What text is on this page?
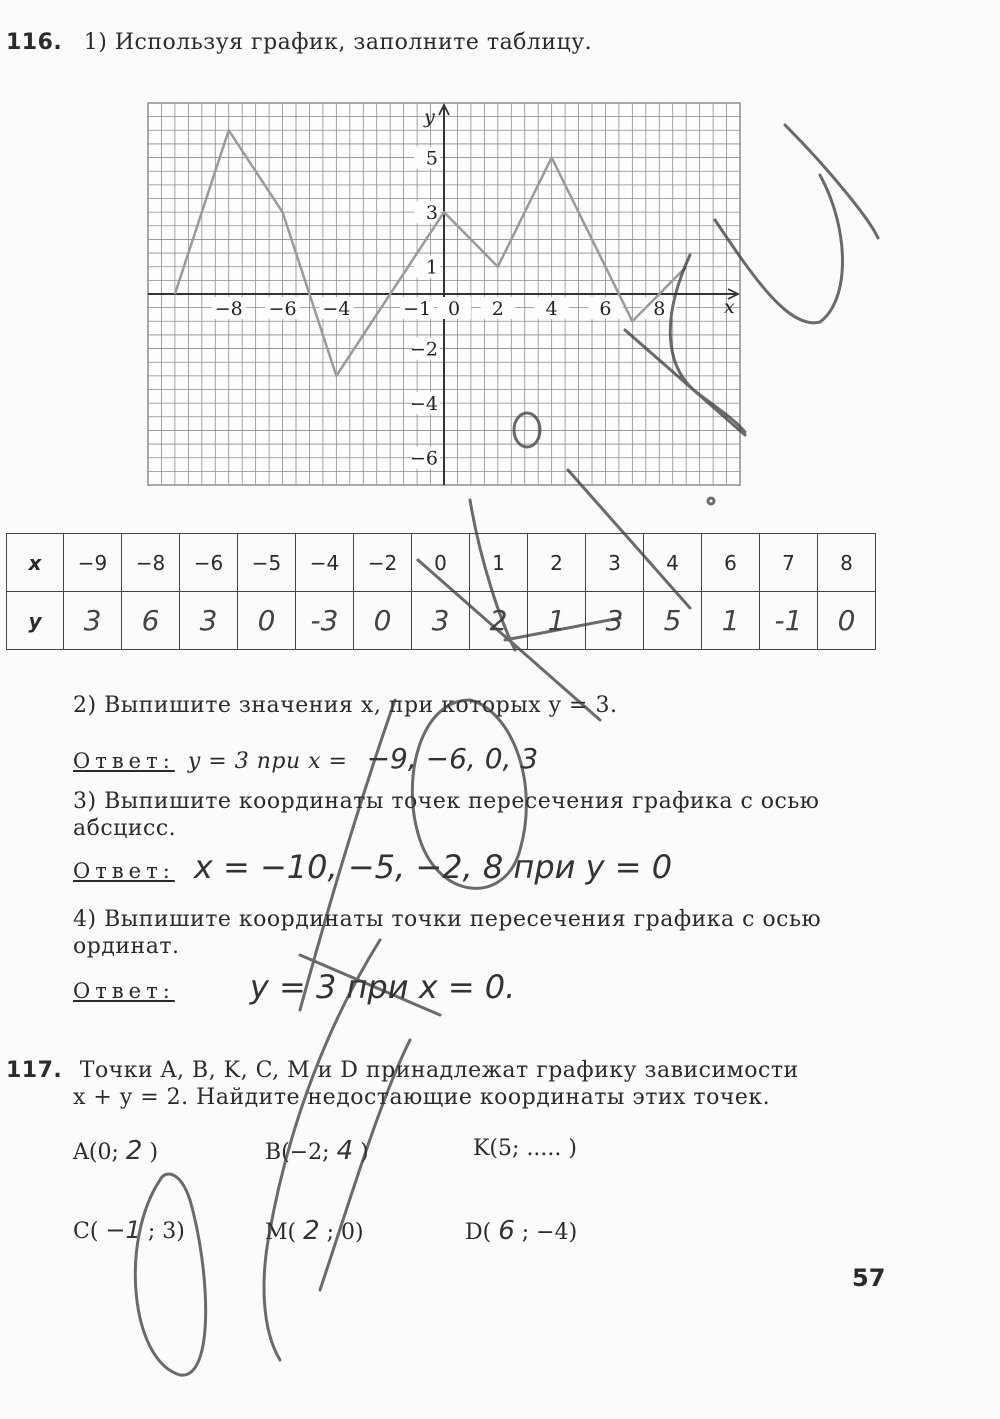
116. 1) Используя график, заполните таблицу.
x
y
−8 −6 −4	−1 0 2 4 6 8
5
3
1
−2
−4
−6
x	−9	−8	−6	−5	−4	−2	0	1	2	3	4	6	7	8
y	3	6	3	0	-3	0	3	2	1	3	5	1	-1	0
2) Выпишите значения x, при которых y = 3.
Ответ: y = 3 при x = −9, −6, 0, 3
3) Выпишите координаты точек пересечения графика с осью
абсцисс.
Ответ: x = −10, −5, −2, 8 при y = 0
4) Выпишите координаты точки пересечения графика с осью
ординат.
Ответ: y = 3 при x = 0.
117. Точки A, B, K, C, M и D принадлежат графику зависимости
x + y = 2. Найдите недостающие координаты этих точек.
A(0; 2 )	B(−2; 4 )	K(5; ..... )
C( −1 ; 3)	M( 2 ; 0)	D( 6 ; −4)
57
